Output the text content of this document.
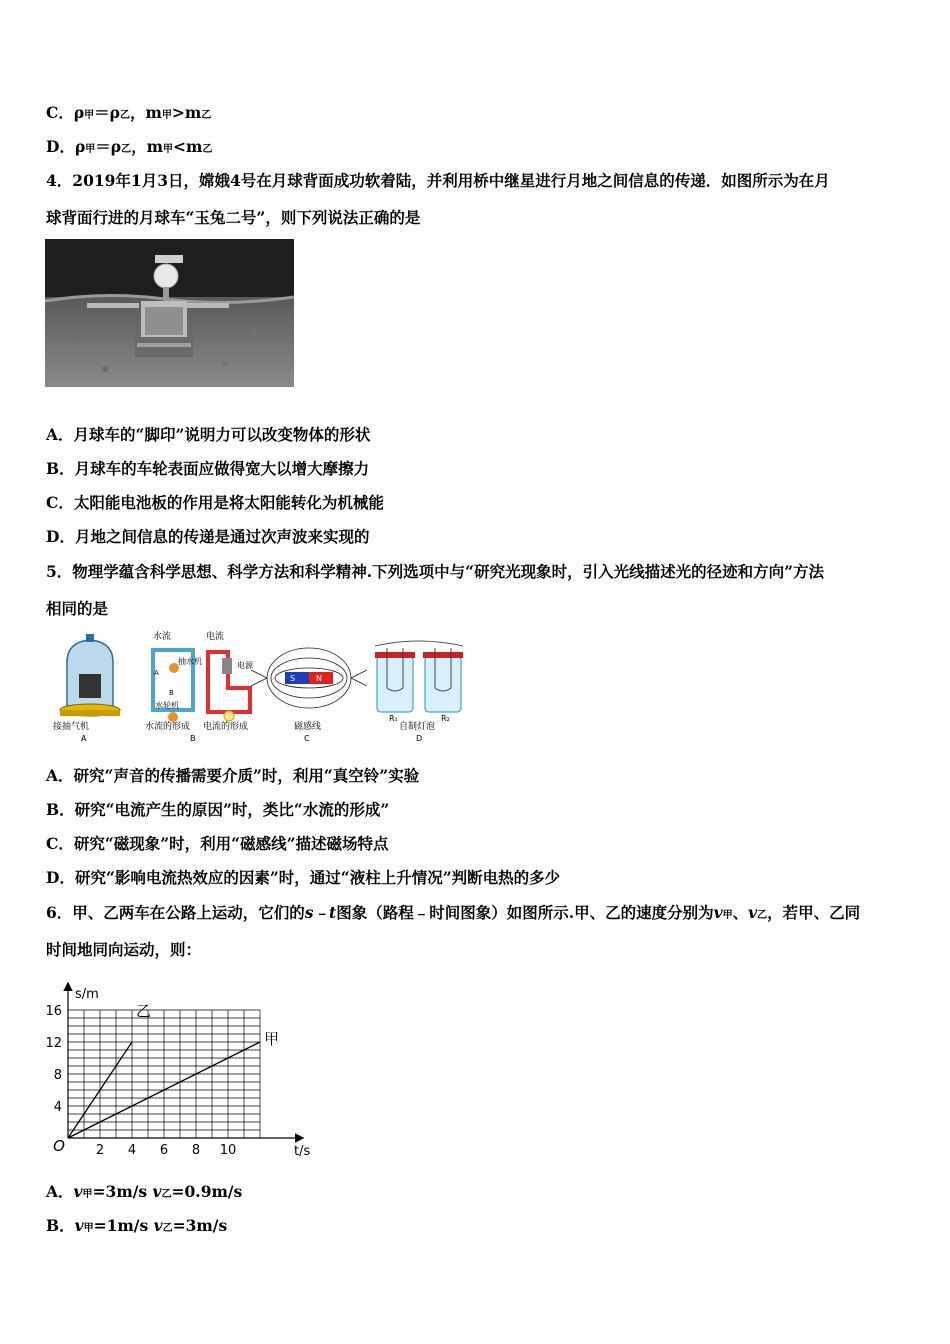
C．ρ甲＝ρ乙，m甲>m乙
D．ρ甲＝ρ乙，m甲<m乙
4．2019年1月3日，嫦娥4号在月球背面成功软着陆，并利用桥中继星进行月地之间信息的传递．如图所示为在月
球背面行进的月球车“玉兔二号”，则下列说法正确的是
A．月球车的“脚印”说明力可以改变物体的形状
B．月球车的车轮表面应做得宽大以增大摩擦力
C．太阳能电池板的作用是将太阳能转化为机械能
D．月地之间信息的传递是通过次声波来实现的
5．物理学蕴含科学思想、科学方法和科学精神.下列选项中与“研究光现象时，引入光线描述光的径迹和方向”方法
相同的是
接抽气机
A
水流	电流
抽水机
A
B
水轮机
电源
水流的形成 电流的形成
B
S	N
磁感线
C
R₁	R₂
自制灯泡
D
A．研究“声音的传播需要介质”时，利用“真空铃”实验
B．研究“电流产生的原因”时，类比“水流的形成”
C．研究“磁现象”时，利用“磁感线”描述磁场特点
D．研究“影响电流热效应的因素”时，通过“液柱上升情况”判断电热的多少
6．甲、乙两车在公路上运动，它们的s﹣t图象（路程﹣时间图象）如图所示.甲、乙的速度分别为v甲、v乙，若甲、乙同
时间地同向运动，则：
2 4 6 8 10
4
8
12
16
O	t/s
s/m
乙
甲
A．v甲=3m/s v乙=0.9m/s
B．v甲=1m/s v乙=3m/s
